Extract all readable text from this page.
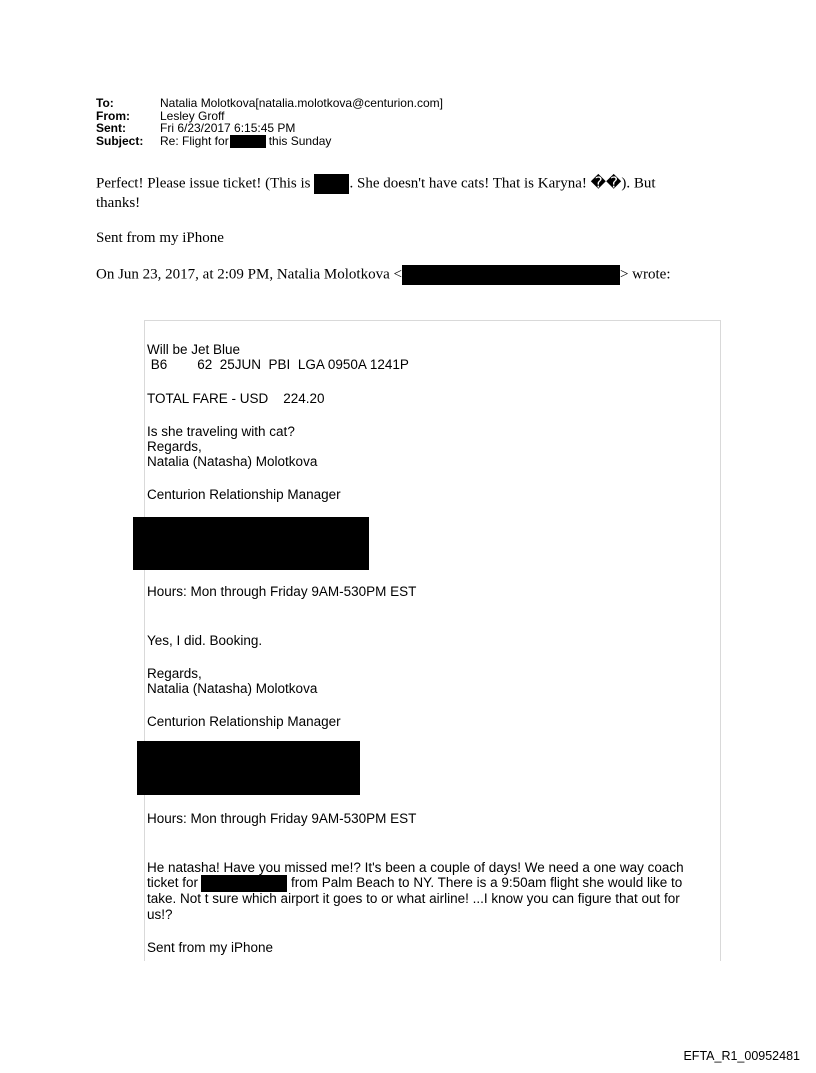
To:	Natalia Molotkova[natalia.molotkova@centurion.com]
From:	Lesley Groff
Sent:	Fri 6/23/2017 6:15:45 PM
Subject:	Re: Flight for	this Sunday
Perfect! Please issue ticket! (This is	. She doesn't have cats! That is Karyna! ��). But
thanks!
Sent from my iPhone
On Jun 23, 2017, at 2:09 PM, Natalia Molotkova <	> wrote:
Will be Jet Blue
B6        62  25JUN  PBI  LGA 0950A 1241P
TOTAL FARE - USD    224.20
Is she traveling with cat?
Regards,
Natalia (Natasha) Molotkova
Centurion Relationship Manager
Hours: Mon through Friday 9AM-530PM EST
Yes, I did. Booking.
Regards,
Natalia (Natasha) Molotkova
Centurion Relationship Manager
Hours: Mon through Friday 9AM-530PM EST
He natasha! Have you missed me!? It's been a couple of days! We need a one way coach
ticket for	from Palm Beach to NY. There is a 9:50am flight she would like to
take. Not t sure which airport it goes to or what airline! ...I know you can figure that out for
us!?
Sent from my iPhone
EFTA_R1_00952481
